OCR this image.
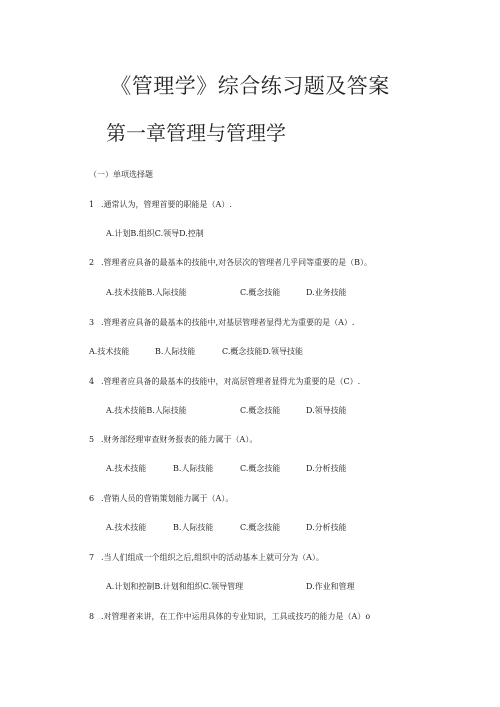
《管理学》综合练习题及答案
第一章管理与管理学
（一）单项选择题
1 .通常认为，管理首要的职能是（A）.
A.计划B.组织C.领导D.控制
2 .管理者应具备的最基本的技能中,对各层次的管理者几乎同等重要的是（B）。
A.技术技能B.人际技能	C.概念技能	D.业务技能
3 .管理者应具备的最基本的技能中,对基层管理者显得尤为重要的是（A）.
A.技术技能	B.人际技能	C.概念技能D.领导技能
4 .管理者应具备的最基本的技能中，对高层管理者显得尤为重要的是（C）.
A.技术技能B.人际技能	C.概念技能	D.领导技能
5 .财务部经理审查财务报表的能力属于（A）。
A.技术技能	B.人际技能	C.概念技能	D.分析技能
6 .营销人员的营销策划能力属于（A）。
A.技术技能	B.人际技能	C.概念技能	D.分析技能
7 .当人们组成一个组织之后,组织中的活动基本上就可分为（A）。
A.计划和控制B.计划和组织C.领导管理	D.作业和管理
8 .对管理者来讲，在工作中运用具体的专业知识，工具或技巧的能力是（A）o
